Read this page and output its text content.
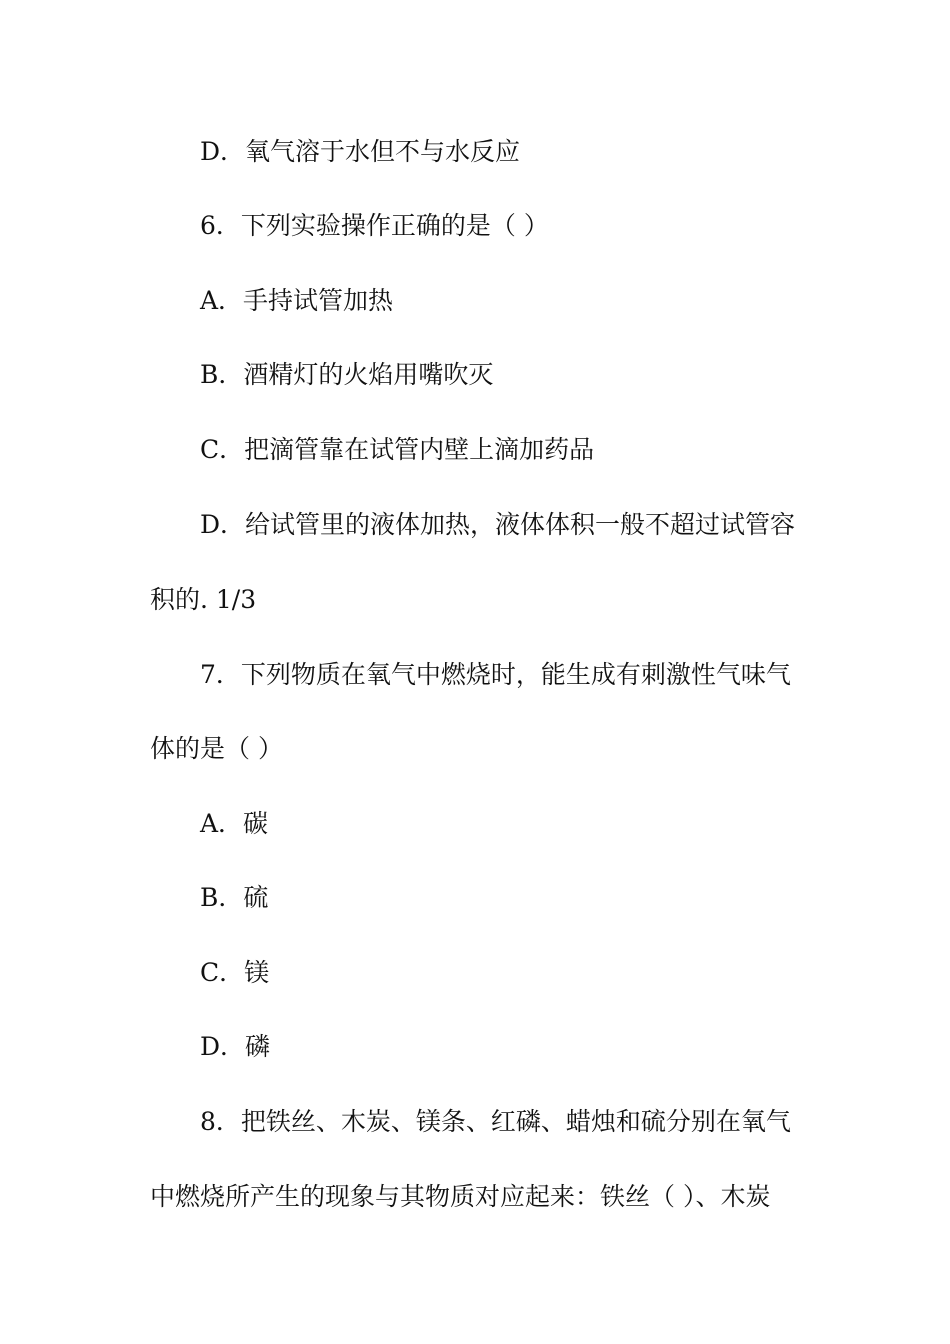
D．氧气溶于水但不与水反应
6．下列实验操作正确的是（ ）
A．手持试管加热
B．酒精灯的火焰用嘴吹灭
C．把滴管靠在试管内壁上滴加药品
D．给试管里的液体加热，液体体积一般不超过试管容
积的. 1/3
7．下列物质在氧气中燃烧时，能生成有刺激性气味气
体的是（ ）
A．碳
B．硫
C．镁
D．磷
8．把铁丝、木炭、镁条、红磷、蜡烛和硫分别在氧气
中燃烧所产生的现象与其物质对应起来：铁丝（ ）、木炭
